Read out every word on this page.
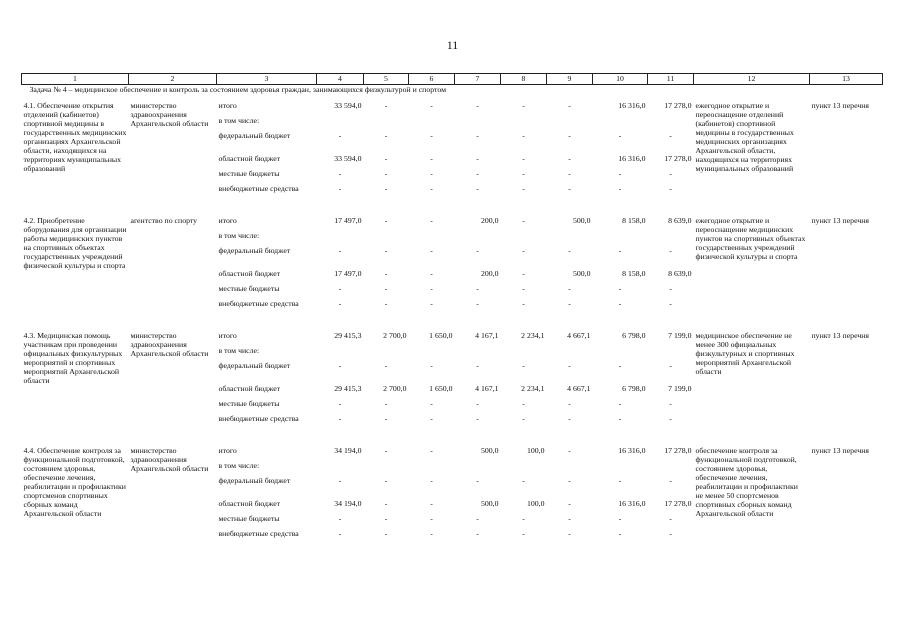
11
1	2	3	4	5	6	7	8	9	10	11	12	13
Задача № 4 – медицинское обеспечение и контроль за состоянием здоровья граждан, занимающихся физкультурой и спортом												
4.1. Обеспечение открытия отделений (кабинетов) спортивной медицины в государственных медицинских организациях Архангельской области, находящихся на территориях муниципальных образований	министерство здравоохранения Архангельской области	итого	33 594,0	-	-	-	-	-	16 316,0	17 278,0	ежегодное открытие и переоснащение отделений (кабинетов) спортивной медицины в государственных медицинских организациях Архангельской области, находящихся на территориях муниципальных образований	пункт 13 перечня
		в том числе:										
		федеральный бюджет	-	-	-	-	-	-	-	-		
		областной бюджет	33 594,0	-	-	-	-	-	16 316,0	17 278,0		
		местные бюджеты	-	-	-	-	-	-	-	-		
		внебюджетные средства	-	-	-	-	-	-	-	-		

4.2. Приобретение оборудования для организации работы медицинских пунктов на спортивных объектах государственных учреждений физической культуры и спорта	агентство по спорту	итого	17 497,0	-	-	200,0	-	500,0	8 158,0	8 639,0	ежегодное открытие и переоснащение медицинских пунктов на спортивных объектах государственных учреждений физической культуры и спорта	пункт 13 перечня
		в том числе:										
		федеральный бюджет	-	-	-	-	-	-	-	-		
		областной бюджет	17 497,0	-	-	200,0	-	500,0	8 158,0	8 639,0		
		местные бюджеты	-	-	-	-	-	-	-	-		
		внебюджетные средства	-	-	-	-	-	-	-	-		

4.3. Медицинская помощь участникам при проведении официальных физкультурных мероприятий и спортивных мероприятий Архангельской области	министерство здравоохранения Архангельской области	итого	29 415,3	2 700,0	1 650,0	4 167,1	2 234,1	4 667,1	6 798,0	7 199,0	медицинское обеспечение не менее 300 официальных физкультурных и спортивных мероприятий Архангельской области	пункт 13 перечня
		в том числе:										
		федеральный бюджет	-	-	-	-	-	-	-	-		
		областной бюджет	29 415,3	2 700,0	1 650,0	4 167,1	2 234,1	4 667,1	6 798,0	7 199,0		
		местные бюджеты	-	-	-	-	-	-	-	-		
		внебюджетные средства	-	-	-	-	-	-	-	-		

4.4. Обеспечение контроля за функциональной подготовкой, состоянием здоровья, обеспечение лечения, реабилитации и профилактики спортсменов спортивных сборных команд Архангельской области	министерство здравоохранения Архангельской области	итого	34 194,0	-	-	500,0	100,0	-	16 316,0	17 278,0	обеспечение контроля за функциональной подготовкой, состоянием здоровья, обеспечение лечения, реабилитации и профилактики не менее 50 спортсменов спортивных сборных команд Архангельской области	пункт 13 перечня
		в том числе:										
		федеральный бюджет	-	-	-	-	-	-	-	-		
		областной бюджет	34 194,0	-	-	500,0	100,0	-	16 316,0	17 278,0		
		местные бюджеты	-	-	-	-	-	-	-	-		
		внебюджетные средства	-	-	-	-	-	-	-	-		
